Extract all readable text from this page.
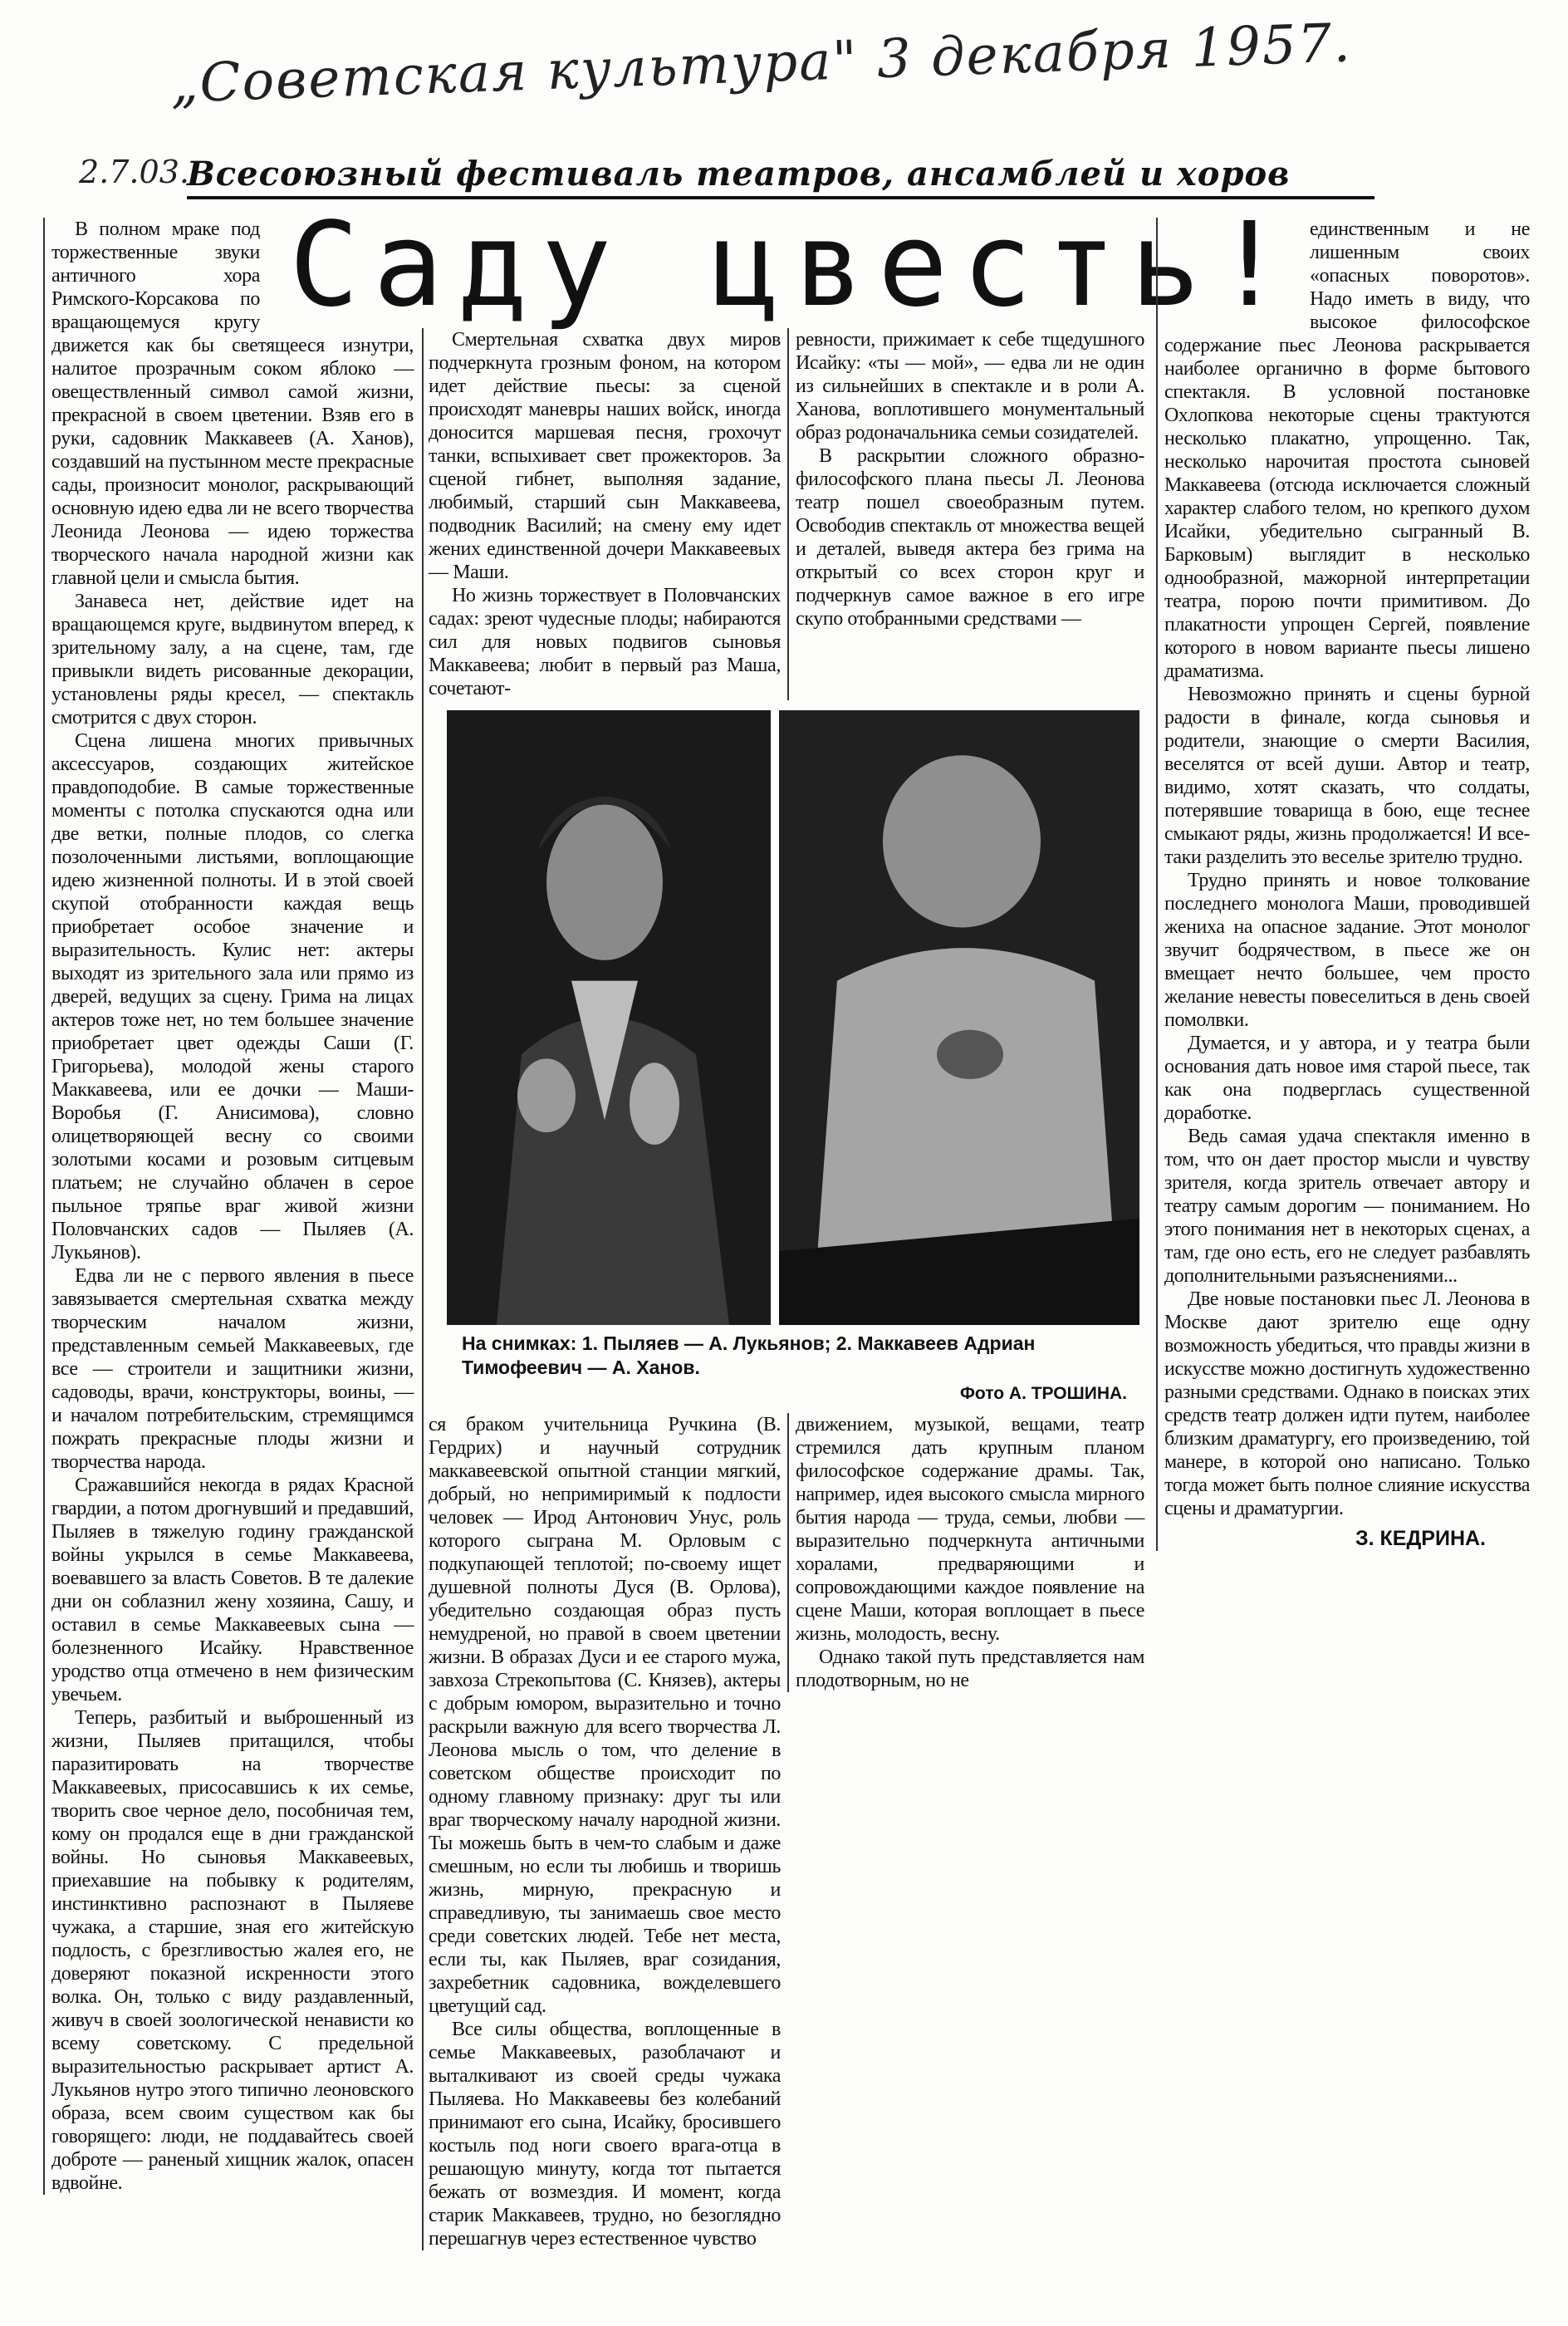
„Советская культура" 3 декабря 1957.
2.7.03.
Всесоюзный фестиваль театров, ансамблей и хоров
Саду цвесть!

В полном мраке под торжественные звуки античного хора Римского-Корсакова по вращающемуся кругу движется как бы светящееся изнутри, налитое прозрачным соком яблоко — овеществленный символ самой жизни, прекрасной в своем цветении. Взяв его в руки, садовник Маккавеев (А. Ханов), создавший на пустынном месте прекрасные сады, произносит монолог, раскрывающий основную идею едва ли не всего творчества Леонида Леонова — идею торжества творческого начала народной жизни как главной цели и смысла бытия.

Занавеса нет, действие идет на вращающемся круге, выдвинутом вперед, к зрительному залу, а на сцене, там, где привыкли видеть рисованные декорации, установлены ряды кресел, — спектакль смотрится с двух сторон.

Сцена лишена многих привычных аксессуаров, создающих житейское правдоподобие. В самые торжественные моменты с потолка спускаются одна или две ветки, полные плодов, со слегка позолоченными листьями, воплощающие идею жизненной полноты. И в этой своей скупой отобранности каждая вещь приобретает особое значение и выразительность. Кулис нет: актеры выходят из зрительного зала или прямо из дверей, ведущих за сцену. Грима на лицах актеров тоже нет, но тем большее значение приобретает цвет одежды Саши (Г. Григорьева), молодой жены старого Маккавеева, или ее дочки — Маши-Воробья (Г. Анисимова), словно олицетворяющей весну со своими золотыми косами и розовым ситцевым платьем; не случайно облачен в серое пыльное тряпье враг живой жизни Половчанских садов — Пыляев (А. Лукьянов).

Едва ли не с первого явления в пьесе завязывается смертельная схватка между творческим началом жизни, представленным семьей Маккавеевых, где все — строители и защитники жизни, садоводы, врачи, конструкторы, воины, — и началом потребительским, стремящимся пожрать прекрасные плоды жизни и творчества народа.

Сражавшийся некогда в рядах Красной гвардии, а потом дрогнувший и предавший, Пыляев в тяжелую годину гражданской войны укрылся в семье Маккавеева, воевавшего за власть Советов. В те далекие дни он соблазнил жену хозяина, Сашу, и оставил в семье Маккавеевых сына — болезненного Исайку. Нравственное уродство отца отмечено в нем физическим увечьем.

Теперь, разбитый и выброшенный из жизни, Пыляев притащился, чтобы паразитировать на творчестве Маккавеевых, присосавшись к их семье, творить свое черное дело, пособничая тем, кому он продался еще в дни гражданской войны. Но сыновья Маккавеевых, приехавшие на побывку к родителям, инстинктивно распознают в Пыляеве чужака, а старшие, зная его житейскую подлость, с брезгливостью жалея его, не доверяют показной искренности этого волка. Он, только с виду раздавленный, живуч в своей зоологической ненависти ко всему советскому. С предельной выразительностью раскрывает артист А. Лукьянов нутро этого типично леоновского образа, всем своим существом как бы говорящего: люди, не поддавайтесь своей доброте — раненый хищник жалок, опасен вдвойне.

Смертельная схватка двух миров подчеркнута грозным фоном, на котором идет действие пьесы: за сценой происходят маневры наших войск, иногда доносится маршевая песня, грохочут танки, вспыхивает свет прожекторов. За сценой гибнет, выполняя задание, любимый, старший сын Маккавеева, подводник Василий; на смену ему идет жених единственной дочери Маккавеевых — Маши.

Но жизнь торжествует в Половчанских садах: зреют чудесные плоды; набираются сил для новых подвигов сыновья Маккавеева; любит в первый раз Маша, сочетают-

ревности, прижимает к себе тщедушного Исайку: «ты — мой», — едва ли не один из сильнейших в спектакле и в роли А. Ханова, воплотившего монументальный образ родоначальника семьи созидателей.

В раскрытии сложного образно-философского плана пьесы Л. Леонова театр пошел своеобразным путем. Освободив спектакль от множества вещей и деталей, выведя актера без грима на открытый со всех сторон круг и подчеркнув самое важное в его игре скупо отобранными средствами —

На снимках: 1. Пыляев — А. Лукьянов; 2. Маккавеев Адриан Тимофеевич — А. Ханов.
Фото А. ТРОШИНА.

ся браком учительница Ручкина (В. Гердрих) и научный сотрудник маккавеевской опытной станции мягкий, добрый, но непримиримый к подлости человек — Ирод Антонович Унус, роль которого сыграна М. Орловым с подкупающей теплотой; по-своему ищет душевной полноты Дуся (В. Орлова), убедительно создающая образ пусть немудреной, но правой в своем цветении жизни. В образах Дуси и ее старого мужа, завхоза Стрекопытова (С. Князев), актеры с добрым юмором, выразительно и точно раскрыли важную для всего творчества Л. Леонова мысль о том, что деление в советском обществе происходит по одному главному признаку: друг ты или враг творческому началу народной жизни. Ты можешь быть в чем-то слабым и даже смешным, но если ты любишь и творишь жизнь, мирную, прекрасную и справедливую, ты занимаешь свое место среди советских людей. Тебе нет места, если ты, как Пыляев, враг созидания, захребетник садовника, вожделевшего цветущий сад.

Все силы общества, воплощенные в семье Маккавеевых, разоблачают и выталкивают из своей среды чужака Пыляева. Но Маккавеевы без колебаний принимают его сына, Исайку, бросившего костыль под ноги своего врага-отца в решающую минуту, когда тот пытается бежать от возмездия. И момент, когда старик Маккавеев, трудно, но безоглядно перешагнув через естественное чувство

движением, музыкой, вещами, театр стремился дать крупным планом философское содержание драмы. Так, например, идея высокого смысла мирного бытия народа — труда, семьи, любви — выразительно подчеркнута античными хоралами, предваряющими и сопровождающими каждое появление на сцене Маши, которая воплощает в пьесе жизнь, молодость, весну.

Однако такой путь представляется нам плодотворным, но не

единственным и не лишенным своих «опасных поворотов». Надо иметь в виду, что высокое философское содержание пьес Леонова раскрывается наиболее органично в форме бытового спектакля. В условной постановке Охлопкова некоторые сцены трактуются несколько плакатно, упрощенно. Так, несколько нарочитая простота сыновей Маккавеева (отсюда исключается сложный характер слабого телом, но крепкого духом Исайки, убедительно сыгранный В. Барковым) выглядит в несколько однообразной, мажорной интерпретации театра, порою почти примитивом. До плакатности упрощен Сергей, появление которого в новом варианте пьесы лишено драматизма.

Невозможно принять и сцены бурной радости в финале, когда сыновья и родители, знающие о смерти Василия, веселятся от всей души. Автор и театр, видимо, хотят сказать, что солдаты, потерявшие товарища в бою, еще теснее смыкают ряды, жизнь продолжается! И все-таки разделить это веселье зрителю трудно.

Трудно принять и новое толкование последнего монолога Маши, проводившей жениха на опасное задание. Этот монолог звучит бодрячеством, в пьесе же он вмещает нечто большее, чем просто желание невесты повеселиться в день своей помолвки.

Думается, и у автора, и у театра были основания дать новое имя старой пьесе, так как она подверглась существенной доработке.

Ведь самая удача спектакля именно в том, что он дает простор мысли и чувству зрителя, когда зритель отвечает автору и театру самым дорогим — пониманием. Но этого понимания нет в некоторых сценах, а там, где оно есть, его не следует разбавлять дополнительными разъяснениями...

Две новые постановки пьес Л. Леонова в Москве дают зрителю еще одну возможность убедиться, что правды жизни в искусстве можно достигнуть художественно разными средствами. Однако в поисках этих средств театр должен идти путем, наиболее близким драматургу, его произведению, той манере, в которой оно написано. Только тогда может быть полное слияние искусства сцены и драматургии.

З. КЕДРИНА.
